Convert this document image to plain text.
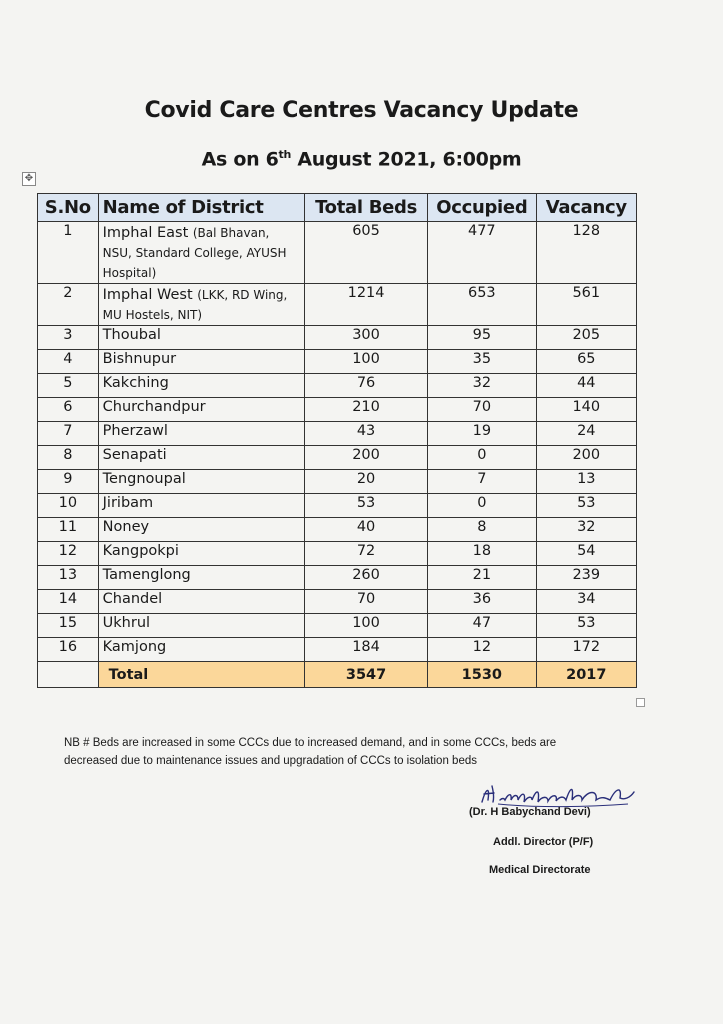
Covid Care Centres Vacancy Update
As on 6th August 2021, 6:00pm
✥
S.No	Name of District	Total Beds	Occupied	Vacancy
1	Imphal East (Bal Bhavan, NSU, Standard College, AYUSH Hospital)	605	477	128
2	Imphal West (LKK, RD Wing, MU Hostels, NIT)	1214	653	561
3	Thoubal	300	95	205
4	Bishnupur	100	35	65
5	Kakching	76	32	44
6	Churchandpur	210	70	140
7	Pherzawl	43	19	24
8	Senapati	200	0	200
9	Tengnoupal	20	7	13
10	Jiribam	53	0	53
11	Noney	40	8	32
12	Kangpokpi	72	18	54
13	Tamenglong	260	21	239
14	Chandel	70	36	34
15	Ukhrul	100	47	53
16	Kamjong	184	12	172
	Total	3547	1530	2017
NB # Beds are increased in some CCCs due to increased demand, and in some CCCs, beds are decreased due to maintenance issues and upgradation of CCCs to isolation beds
(Dr. H Babychand Devi)
Addl. Director (P/F)
Medical Directorate
